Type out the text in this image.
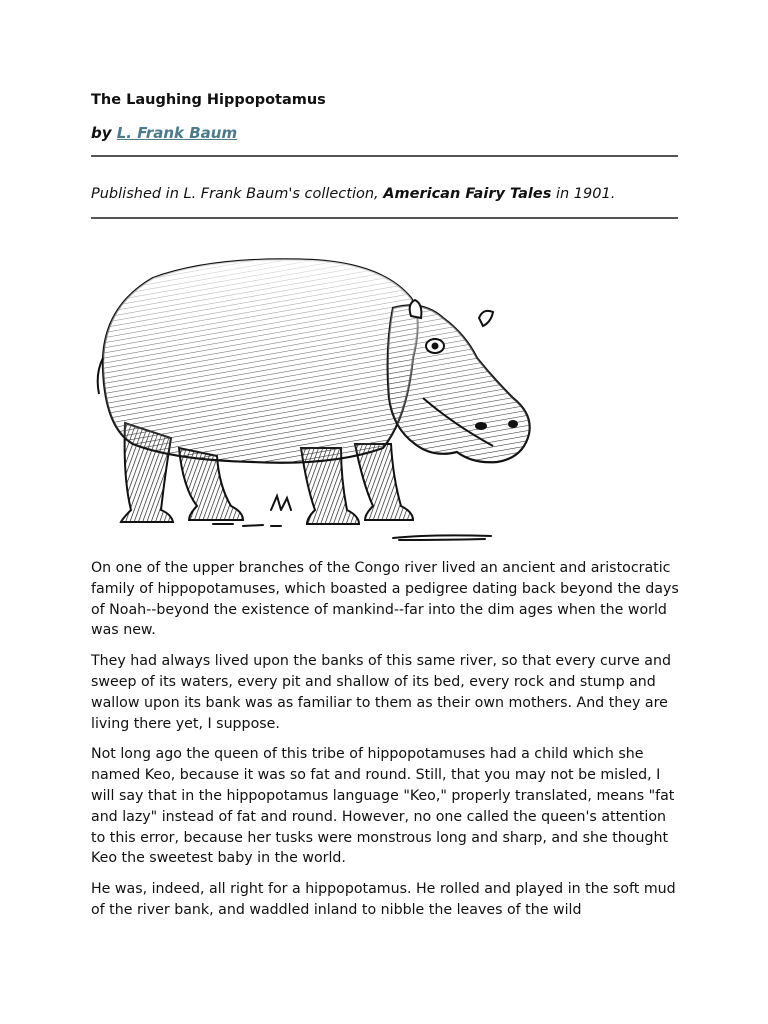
The Laughing Hippopotamus

by L. Frank Baum

Published in L. Frank Baum's collection, American Fairy Tales in 1901.

On one of the upper branches of the Congo river lived an ancient and aristocratic family of hippopotamuses, which boasted a pedigree dating back beyond the days of Noah--beyond the existence of mankind--far into the dim ages when the world was new.

They had always lived upon the banks of this same river, so that every curve and sweep of its waters, every pit and shallow of its bed, every rock and stump and wallow upon its bank was as familiar to them as their own mothers. And they are living there yet, I suppose.

Not long ago the queen of this tribe of hippopotamuses had a child which she named Keo, because it was so fat and round. Still, that you may not be misled, I will say that in the hippopotamus language "Keo," properly translated, means "fat and lazy" instead of fat and round. However, no one called the queen's attention to this error, because her tusks were monstrous long and sharp, and she thought Keo the sweetest baby in the world.

He was, indeed, all right for a hippopotamus. He rolled and played in the soft mud of the river bank, and waddled inland to nibble the leaves of the wild
